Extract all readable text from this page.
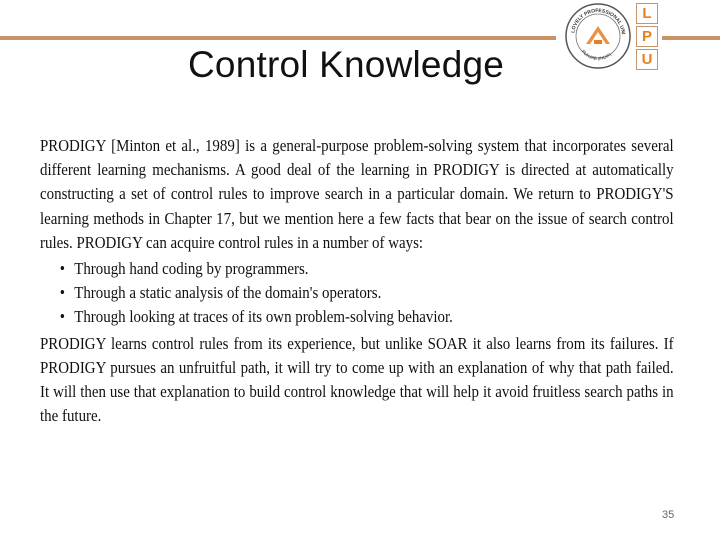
Control Knowledge
LOVELY PROFESSIONAL UNI
PUNJAB (INDIA)
L
P
U

PRODIGY [Minton et al., 1989] is a general-purpose problem-solving system that incorporates several different learning mechanisms. A good deal of the learning in PRODIGY is directed at automatically constructing a set of control rules to improve search in a particular domain. We return to PRODIGY'S learning methods in Chapter 17, but we mention here a few facts that bear on the issue of search control rules. PRODIGY can acquire control rules in a number of ways:

• Through hand coding by programmers.
• Through a static analysis of the domain's operators.
• Through looking at traces of its own problem-solving behavior.

PRODIGY learns control rules from its experience, but unlike SOAR it also learns from its failures. If PRODIGY pursues an unfruitful path, it will try to come up with an explanation of why that path failed. It will then use that explanation to build control knowledge that will help it avoid fruitless search paths in the future.

35
